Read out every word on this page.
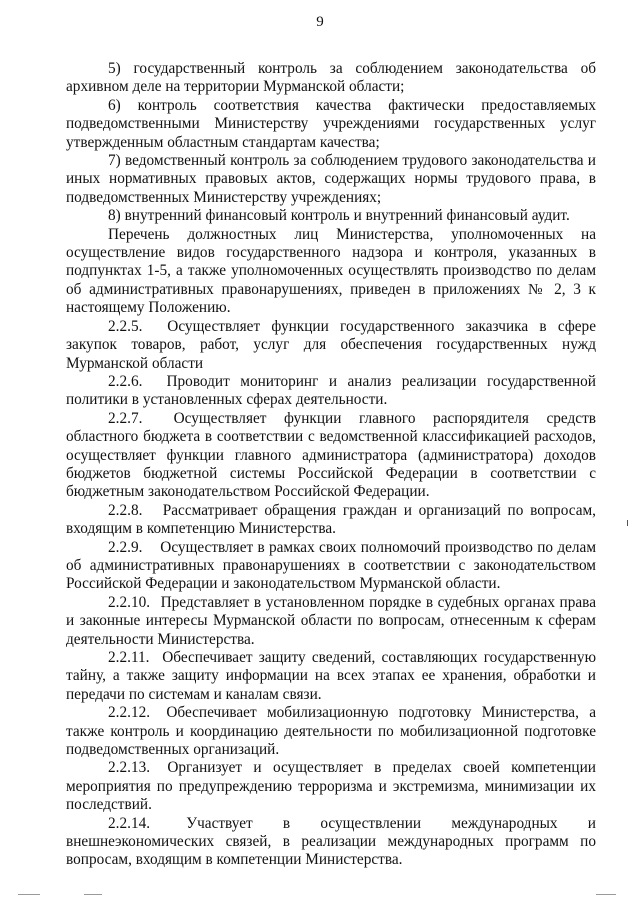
9

5) государственный контроль за соблюдением законодательства об архивном деле на территории Мурманской области;

6) контроль соответствия качества фактически предоставляемых подведомственными Министерству учреждениями государственных услуг утвержденным областным стандартам качества;

7) ведомственный контроль за соблюдением трудового законодательства и иных нормативных правовых актов, содержащих нормы трудового права, в подведомственных Министерству учреждениях;

8) внутренний финансовый контроль и внутренний финансовый аудит.

Перечень должностных лиц Министерства, уполномоченных на осуществление видов государственного надзора и контроля, указанных в подпунктах 1-5, а также уполномоченных осуществлять производство по делам об административных правонарушениях, приведен в приложениях № 2, 3 к настоящему Положению.

2.2.5. Осуществляет функции государственного заказчика в сфере закупок товаров, работ, услуг для обеспечения государственных нужд Мурманской области

2.2.6. Проводит мониторинг и анализ реализации государственной политики в установленных сферах деятельности.

2.2.7. Осуществляет функции главного распорядителя средств областного бюджета в соответствии с ведомственной классификацией расходов, осуществляет функции главного администратора (администратора) доходов бюджетов бюджетной системы Российской Федерации в соответствии с бюджетным законодательством Российской Федерации.

2.2.8. Рассматривает обращения граждан и организаций по вопросам, входящим в компетенцию Министерства.

2.2.9. Осуществляет в рамках своих полномочий производство по делам об административных правонарушениях в соответствии с законодательством Российской Федерации и законодательством Мурманской области.

2.2.10. Представляет в установленном порядке в судебных органах права и законные интересы Мурманской области по вопросам, отнесенным к сферам деятельности Министерства.

2.2.11. Обеспечивает защиту сведений, составляющих государственную тайну, а также защиту информации на всех этапах ее хранения, обработки и передачи по системам и каналам связи.

2.2.12. Обеспечивает мобилизационную подготовку Министерства, а также контроль и координацию деятельности по мобилизационной подготовке подведомственных организаций.

2.2.13. Организует и осуществляет в пределах своей компетенции мероприятия по предупреждению терроризма и экстремизма, минимизации их последствий.

2.2.14. Участвует в осуществлении международных и внешнеэкономических связей, в реализации международных программ по вопросам, входящим в компетенции Министерства.
